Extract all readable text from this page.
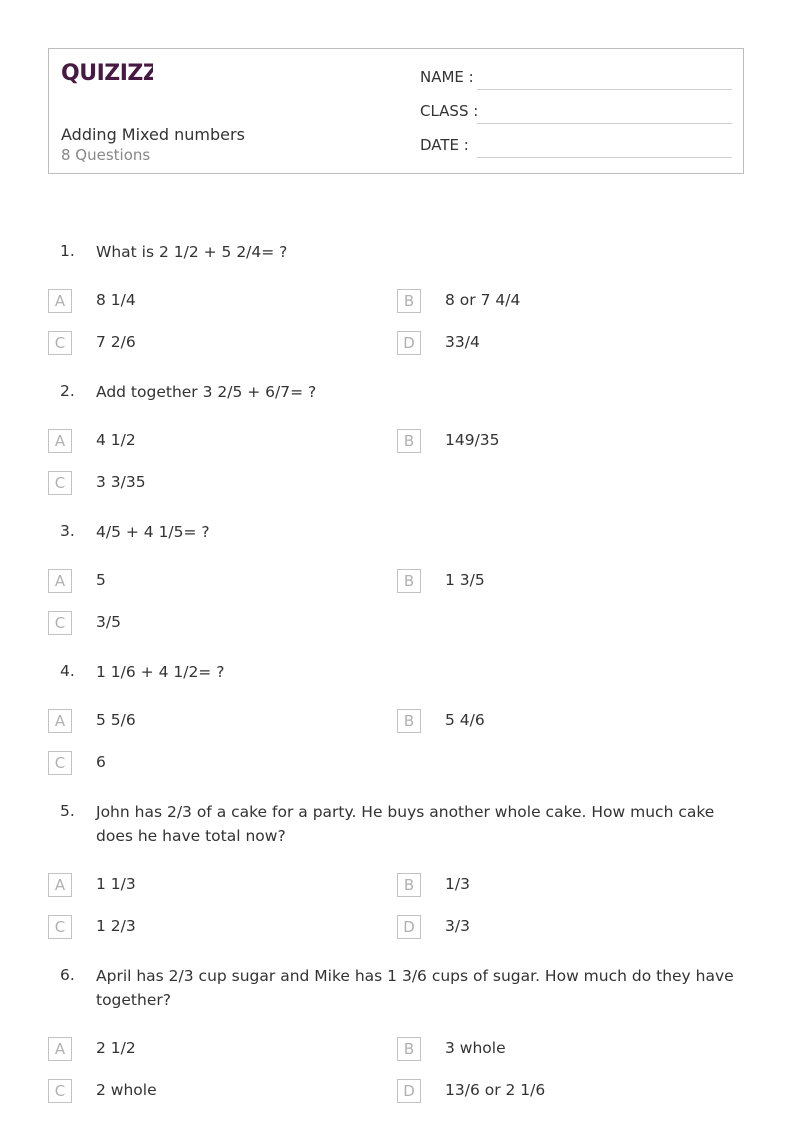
QUIZIZZ
Adding Mixed numbers
8 Questions
NAME :
CLASS :
DATE :
1. What is 2 1/2 + 5 2/4= ?
A	8 1/4	B	8 or 7 4/4
C	7 2/6	D	33/4
2. Add together 3 2/5 + 6/7= ?
A	4 1/2	B	149/35
C	3 3/35
3. 4/5 + 4 1/5= ?
A	5	B	1 3/5
C	3/5
4. 1 1/6 + 4 1/2= ?
A	5 5/6	B	5 4/6
C	6
5. John has 2/3 of a cake for a party. He buys another whole cake. How much cake does he have total now?
A	1 1/3	B	1/3
C	1 2/3	D	3/3
6. April has 2/3 cup sugar and Mike has 1 3/6 cups of sugar. How much do they have together?
A	2 1/2	B	3 whole
C	2 whole	D	13/6 or 2 1/6
